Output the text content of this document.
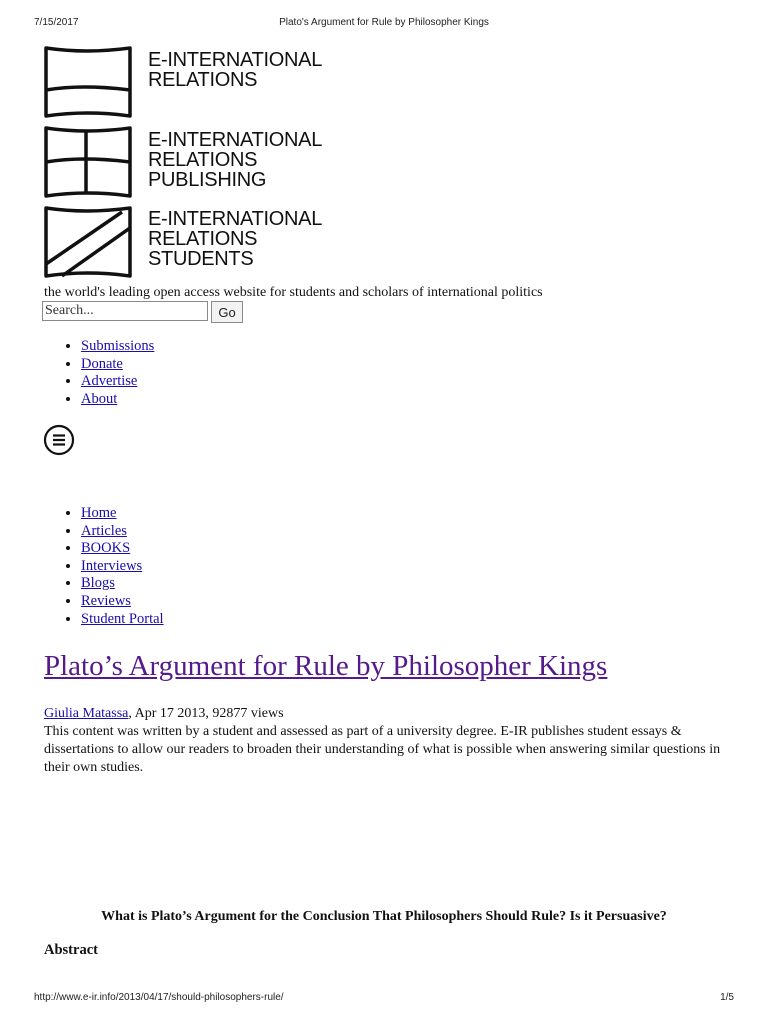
7/15/2017	Plato's Argument for Rule by Philosopher Kings
E-INTERNATIONAL
RELATIONS
E-INTERNATIONAL
RELATIONS
PUBLISHING
E-INTERNATIONAL
RELATIONS
STUDENTS
the world's leading open access website for students and scholars of international politics
Search... Go
• Submissions
• Donate
• Advertise
• About
• Home
• Articles
• BOOKS
• Interviews
• Blogs
• Reviews
• Student Portal
Plato’s Argument for Rule by Philosopher Kings
Giulia Matassa, Apr 17 2013, 92877 views

This content was written by a student and assessed as part of a university degree. E-IR publishes student essays & dissertations to allow our readers to broaden their understanding of what is possible when answering similar questions in their own studies.

What is Plato’s Argument for the Conclusion That Philosophers Should Rule? Is it Persuasive?

Abstract

http://www.e-ir.info/2013/04/17/should-philosophers-rule/	1/5
